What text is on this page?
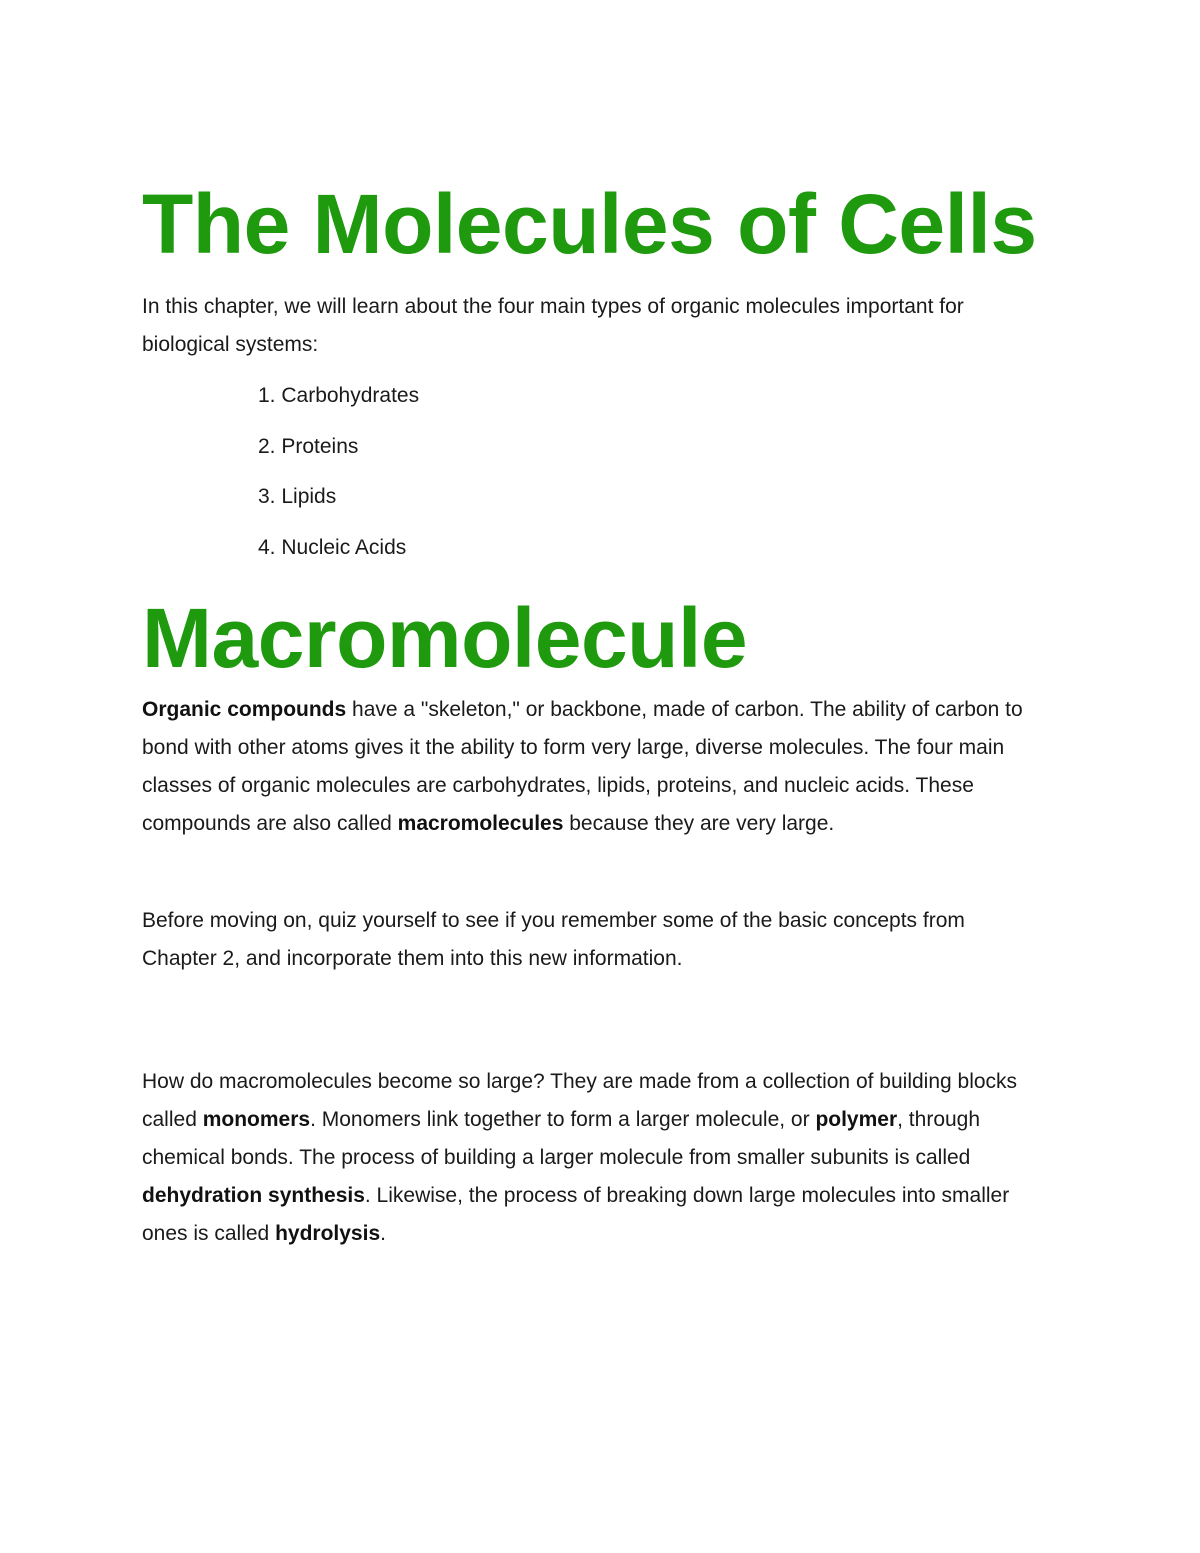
The Molecules of Cells

In this chapter, we will learn about the four main types of organic molecules important for biological systems:

1. Carbohydrates
2. Proteins
3. Lipids
4. Nucleic Acids
Macromolecule

Organic compounds have a "skeleton," or backbone, made of carbon. The ability of carbon to bond with other atoms gives it the ability to form very large, diverse molecules. The four main classes of organic molecules are carbohydrates, lipids, proteins, and nucleic acids. These compounds are also called macromolecules because they are very large.

Before moving on, quiz yourself to see if you remember some of the basic concepts from Chapter 2, and incorporate them into this new information.

How do macromolecules become so large? They are made from a collection of building blocks called monomers. Monomers link together to form a larger molecule, or polymer, through chemical bonds. The process of building a larger molecule from smaller subunits is called dehydration synthesis. Likewise, the process of breaking down large molecules into smaller ones is called hydrolysis.
